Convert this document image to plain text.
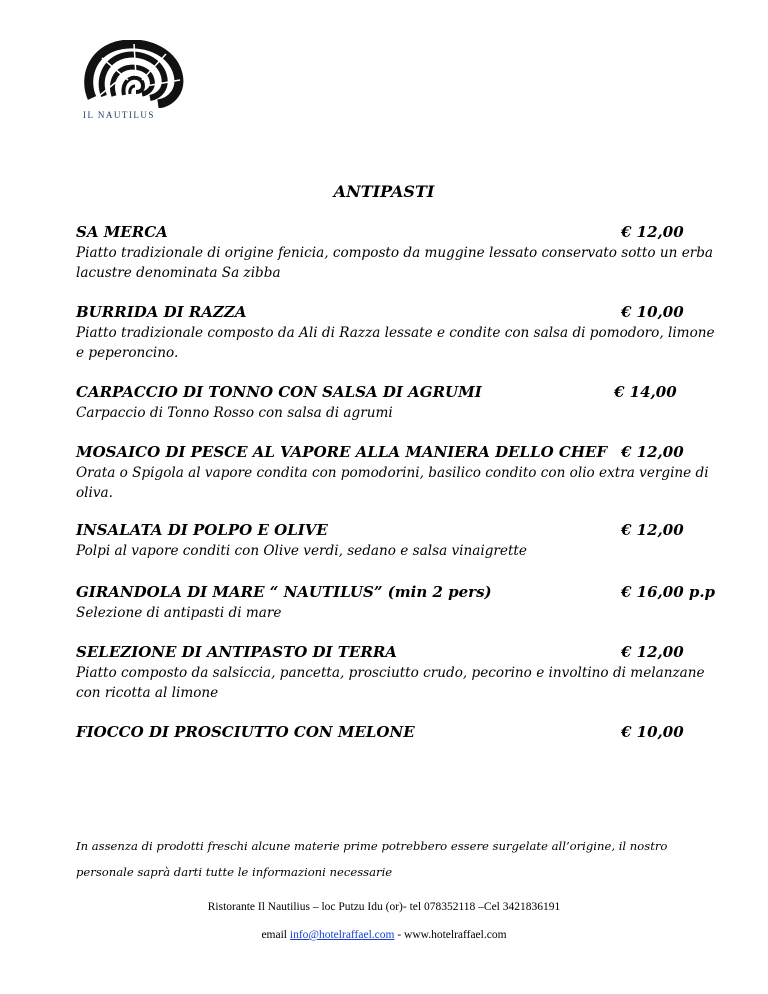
IL NAUTILUS
ANTIPASTI
SA MERCA	€ 12,00
Piatto tradizionale di origine fenicia, composto da muggine lessato conservato sotto un erba lacustre denominata Sa zibba
BURRIDA DI RAZZA	€ 10,00
Piatto tradizionale composto da Ali di Razza lessate e condite con salsa di pomodoro, limone e peperoncino.
CARPACCIO DI TONNO CON SALSA DI AGRUMI	€ 14,00
Carpaccio di Tonno Rosso con salsa di agrumi
MOSAICO DI PESCE AL VAPORE ALLA MANIERA DELLO CHEF € 12,00
Orata o Spigola al vapore condita con pomodorini, basilico condito con olio extra vergine di oliva.
INSALATA DI POLPO E OLIVE	€ 12,00
Polpi al vapore conditi con Olive verdi, sedano e salsa vinaigrette
GIRANDOLA DI MARE “ NAUTILUS” (min 2 pers)	€ 16,00 p.p
Selezione di antipasti di mare
SELEZIONE DI ANTIPASTO DI TERRA	€ 12,00
Piatto composto da salsiccia, pancetta, prosciutto crudo, pecorino e involtino di melanzane con ricotta al limone
FIOCCO DI PROSCIUTTO CON MELONE	€ 10,00
In assenza di prodotti freschi alcune materie prime potrebbero essere surgelate all’origine, il nostro personale saprà darti tutte le informazioni necessarie
Ristorante Il Nautilius – loc Putzu Idu (or)- tel 078352118 –Cel 3421836191
email info@hotelraffael.com - www.hotelraffael.com
